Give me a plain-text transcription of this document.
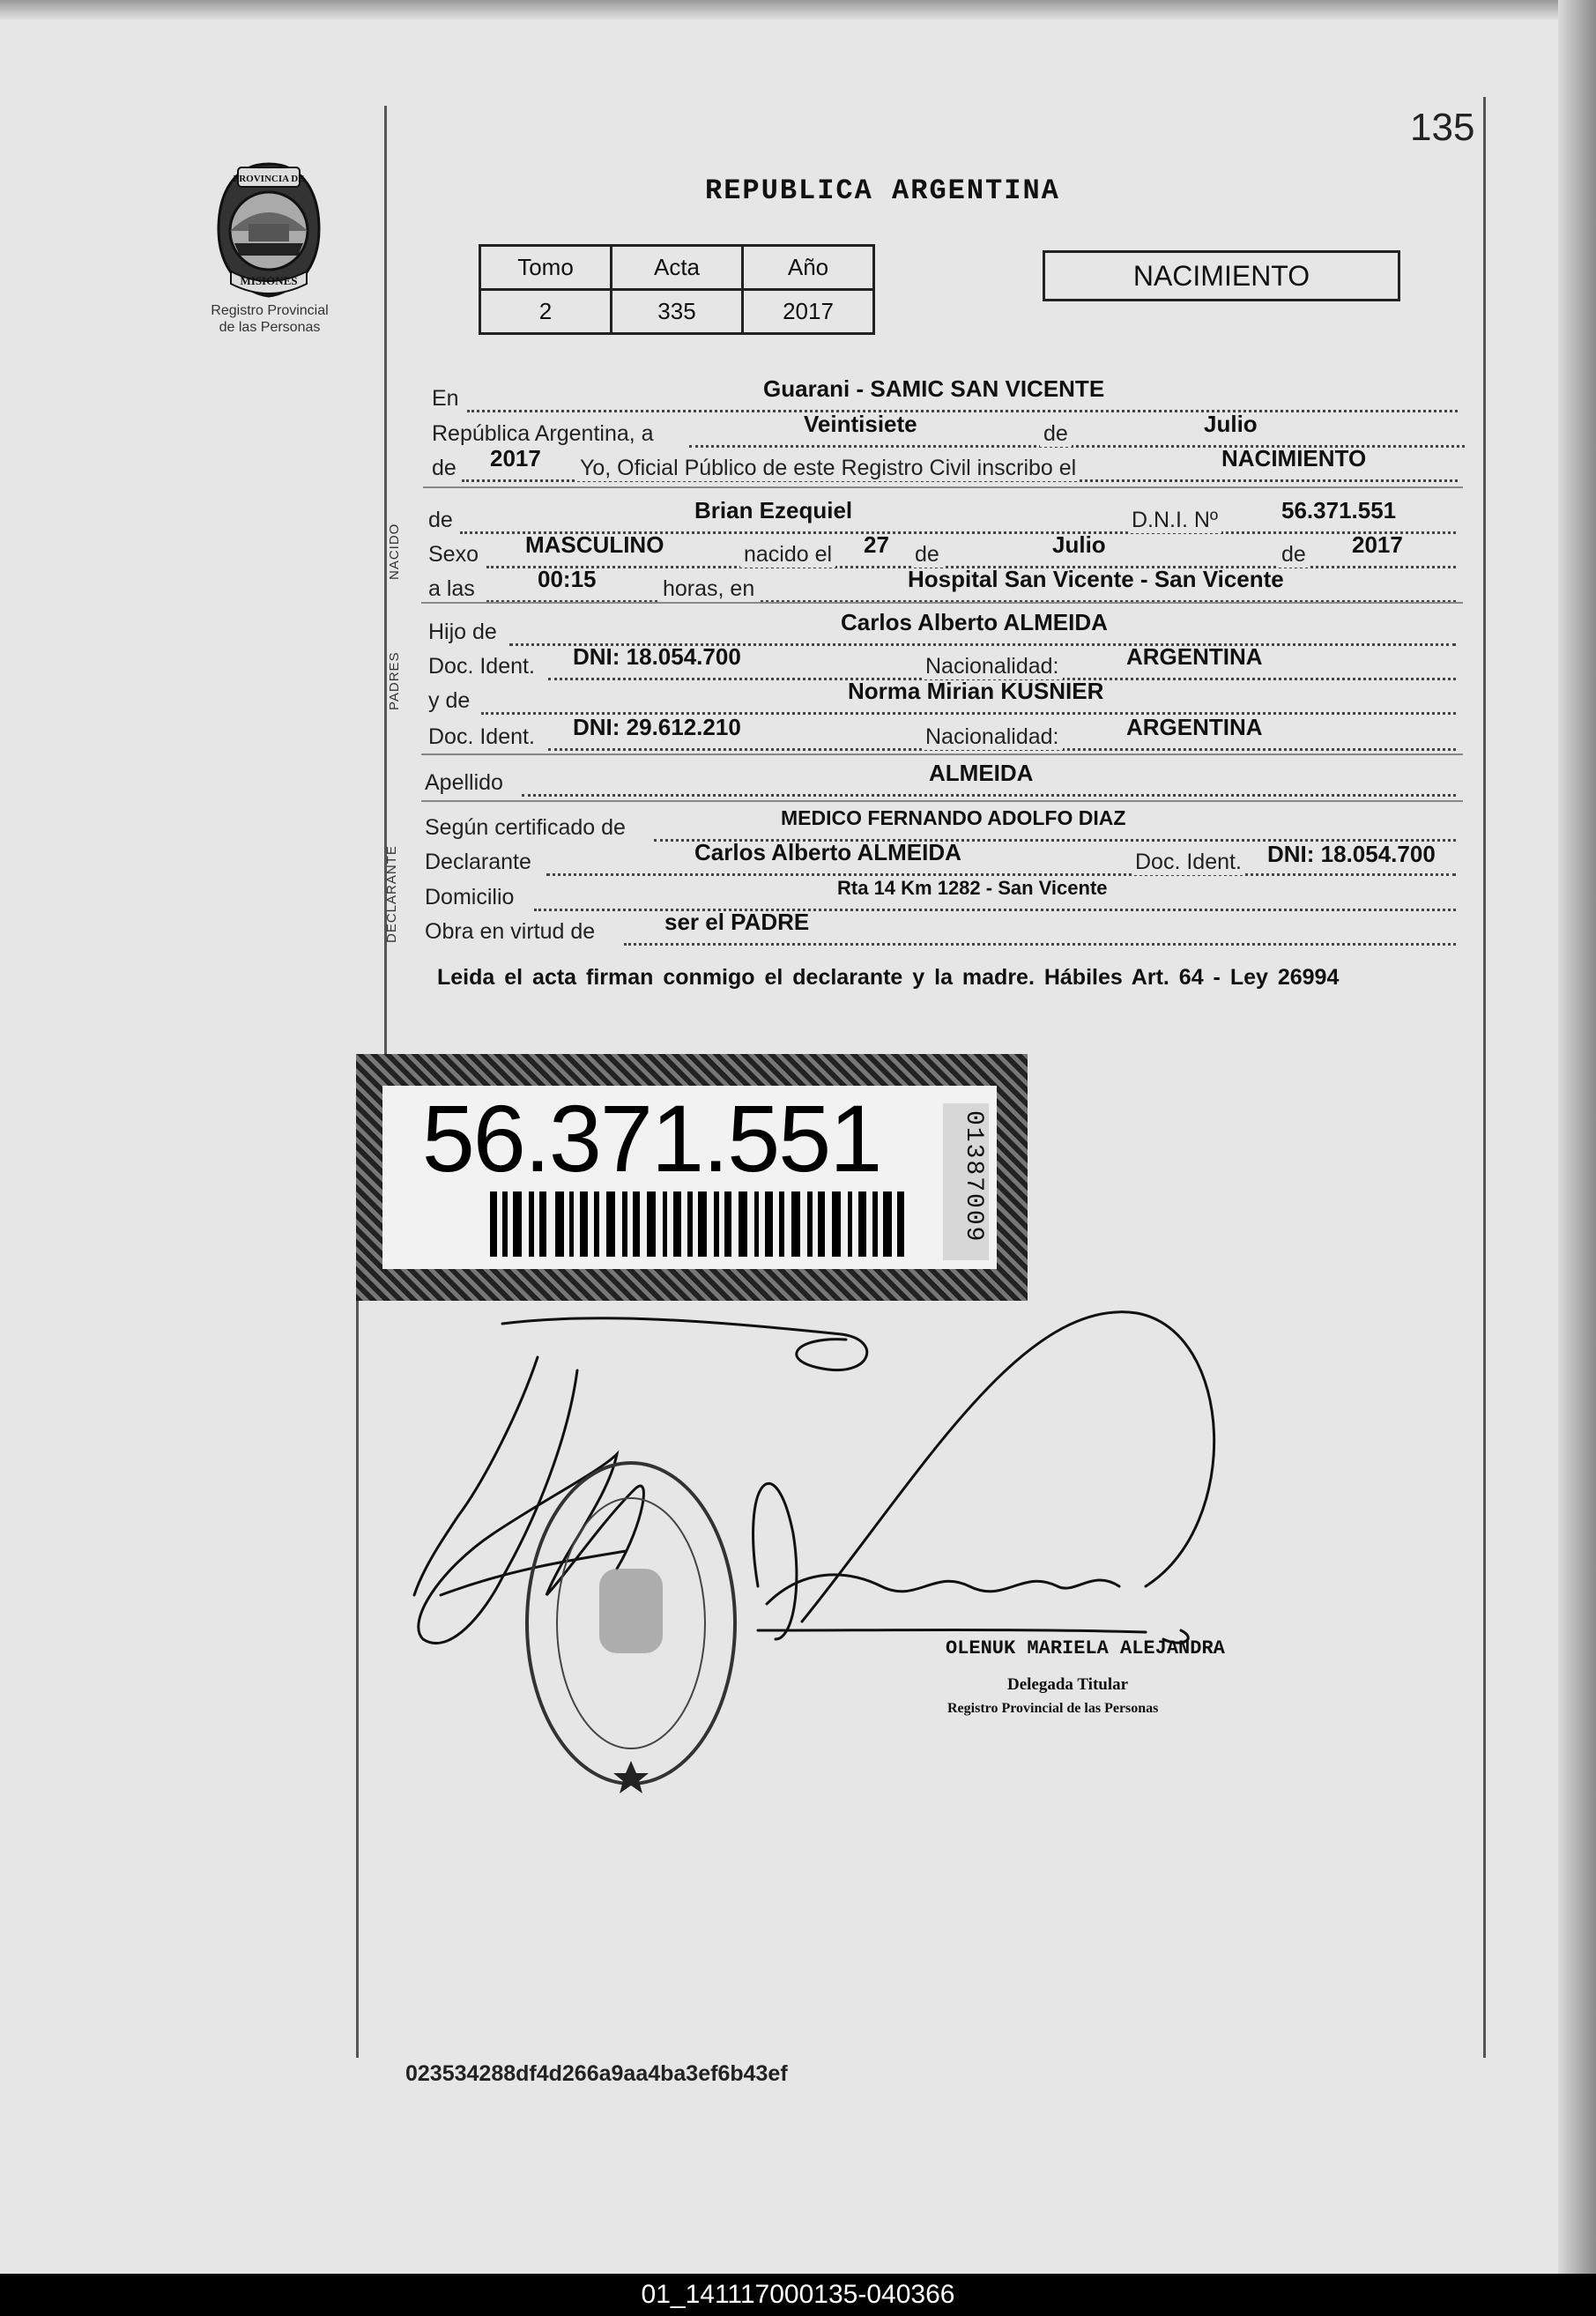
135
PROVINCIA DE
MISIONES
Registro Provincial
de las Personas
REPUBLICA ARGENTINA
Tomo	Acta	Año
2	335	2017
NACIMIENTO
En	Guarani - SAMIC SAN VICENTE
República Argentina, a	Veintisiete	de	Julio
de 2017 Yo, Oficial Público de este Registro Civil inscribo el	NACIMIENTO
NACIDO
de	Brian Ezequiel	D.N.I. Nº	56.371.551
Sexo MASCULINO	nacido el 27 de	Julio	de 2017
a las	00:15	horas, en	Hospital San Vicente - San Vicente
PADRES
Hijo de	Carlos Alberto ALMEIDA
Doc. Ident. DNI: 18.054.700	Nacionalidad:	ARGENTINA
y de	Norma Mirian KUSNIER
Doc. Ident. DNI: 29.612.210	Nacionalidad:	ARGENTINA
Apellido	ALMEIDA
DECLARANTE
Según certificado de	MEDICO FERNANDO ADOLFO DIAZ
Declarante	Carlos Alberto ALMEIDA	Doc. Ident. DNI: 18.054.700
Domicilio	Rta 14 Km 1282 - San Vicente
Obra en virtud de	ser el PADRE
Leida el acta firman conmigo el declarante y la madre. Hábiles Art. 64 - Ley 26994
56.371.551	01387009
OLENUK MARIELA ALEJANDRA
Delegada Titular
Registro Provincial de las Personas
023534288df4d266a9aa4ba3ef6b43ef
01_141117000135-040366
